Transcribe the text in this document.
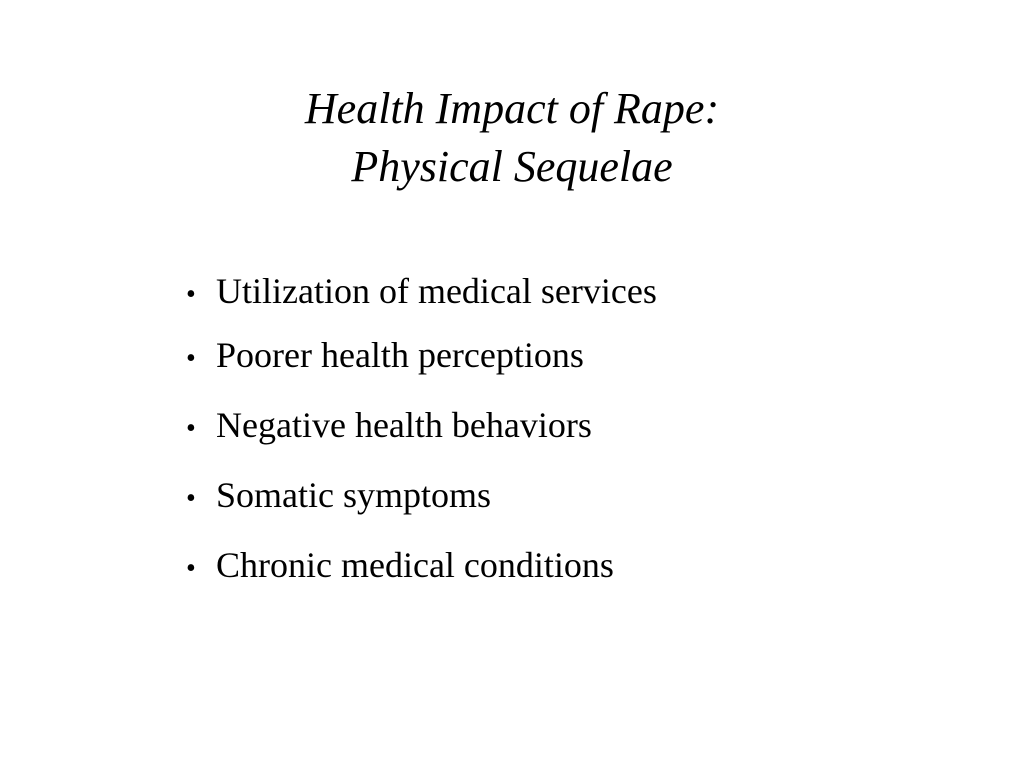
Health Impact of Rape:
Physical Sequelae
• Utilization of medical services
• Poorer health perceptions
• Negative health behaviors
• Somatic symptoms
• Chronic medical conditions
